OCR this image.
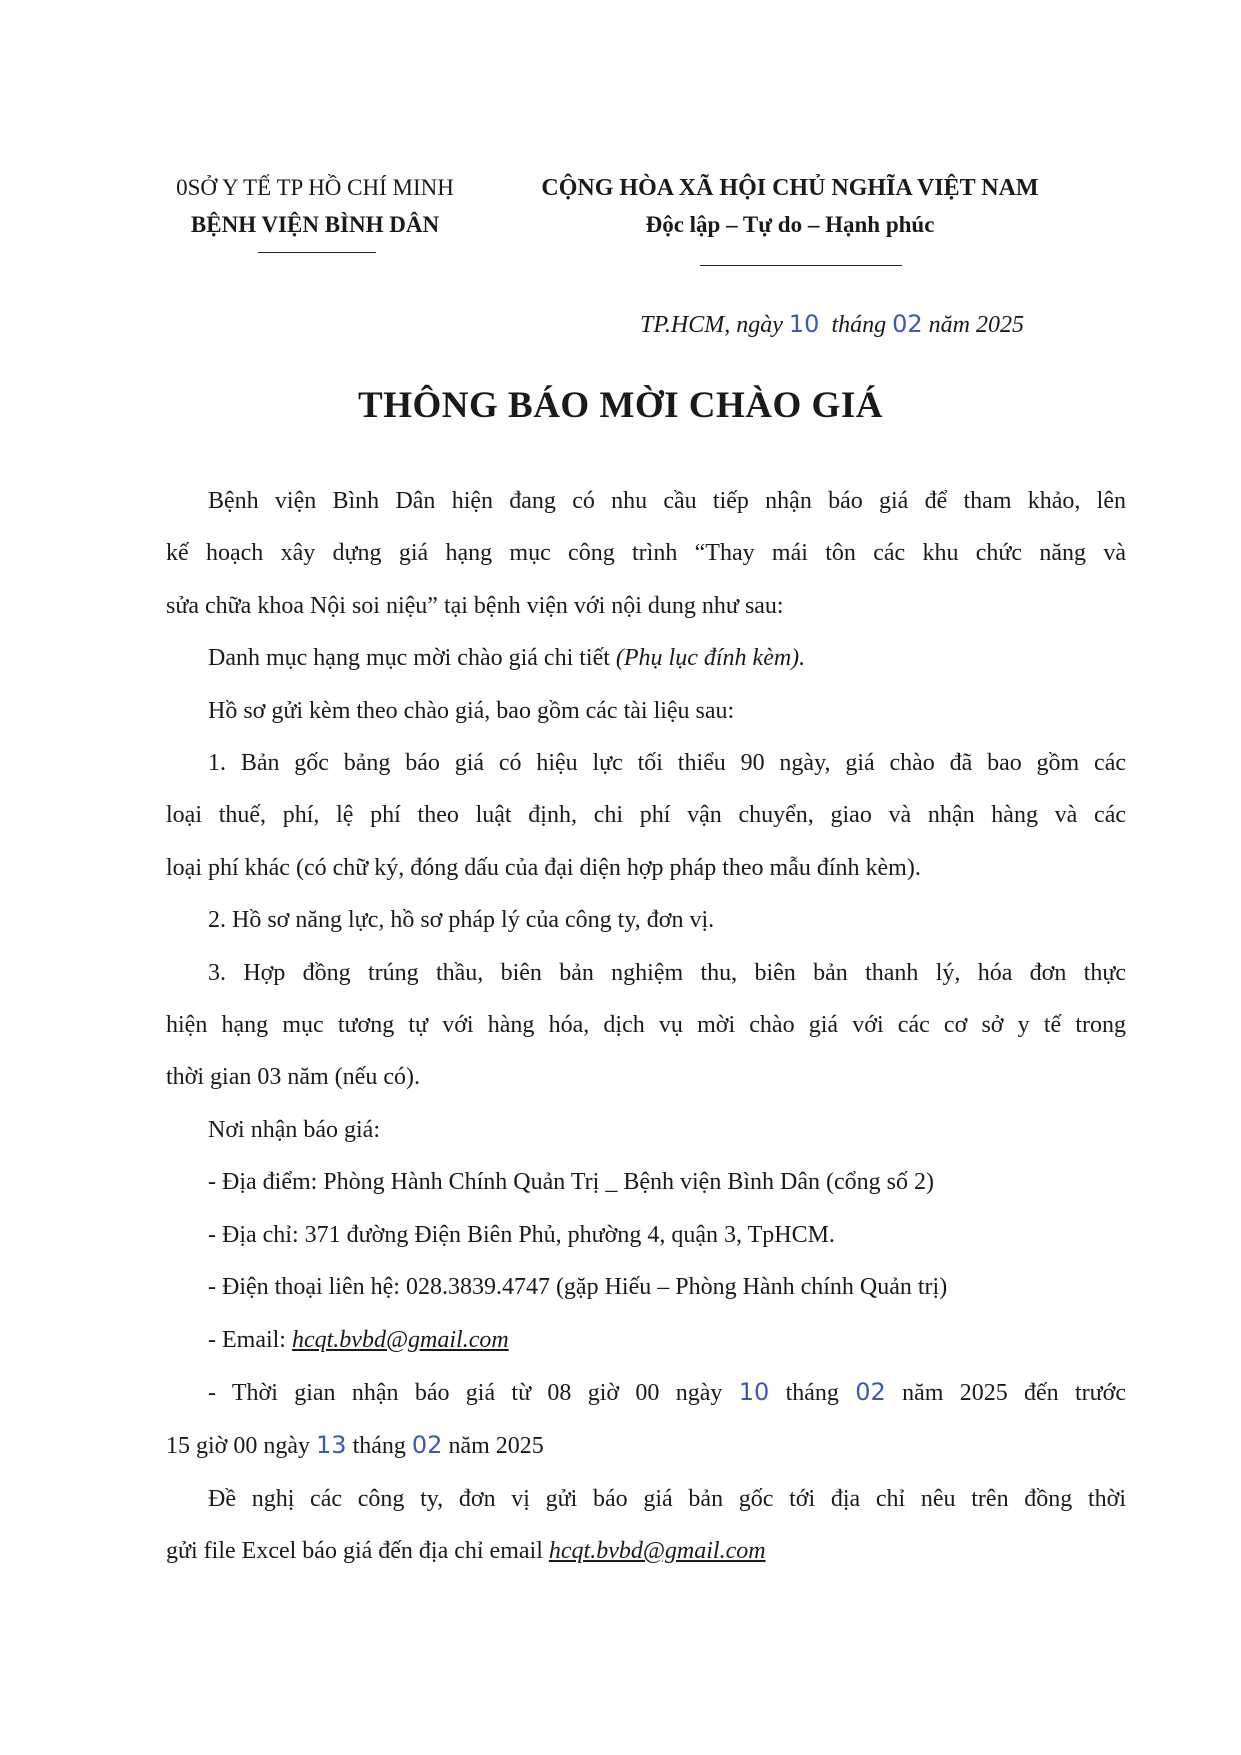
0SỞ Y TẾ TP HỒ CHÍ MINH
BỆNH VIỆN BÌNH DÂN
CỘNG HÒA XÃ HỘI CHỦ NGHĨA VIỆT NAM
Độc lập – Tự do – Hạnh phúc
TP.HCM, ngày 10 tháng 02 năm 2025
THÔNG BÁO MỜI CHÀO GIÁ

Bệnh viện Bình Dân hiện đang có nhu cầu tiếp nhận báo giá để tham khảo, lên

kế hoạch xây dựng giá hạng mục công trình “Thay mái tôn các khu chức năng và

sửa chữa khoa Nội soi niệu” tại bệnh viện với nội dung như sau:

Danh mục hạng mục mời chào giá chi tiết (Phụ lục đính kèm).

Hồ sơ gửi kèm theo chào giá, bao gồm các tài liệu sau:

1. Bản gốc bảng báo giá có hiệu lực tối thiểu 90 ngày, giá chào đã bao gồm các

loại thuế, phí, lệ phí theo luật định, chi phí vận chuyển, giao và nhận hàng và các

loại phí khác (có chữ ký, đóng dấu của đại diện hợp pháp theo mẫu đính kèm).

2. Hồ sơ năng lực, hồ sơ pháp lý của công ty, đơn vị.

3. Hợp đồng trúng thầu, biên bản nghiệm thu, biên bản thanh lý, hóa đơn thực

hiện hạng mục tương tự với hàng hóa, dịch vụ mời chào giá với các cơ sở y tế trong

thời gian 03 năm (nếu có).

Nơi nhận báo giá:

- Địa điểm: Phòng Hành Chính Quản Trị _ Bệnh viện Bình Dân (cổng số 2)

- Địa chỉ: 371 đường Điện Biên Phủ, phường 4, quận 3, TpHCM.

- Điện thoại liên hệ: 028.3839.4747 (gặp Hiếu – Phòng Hành chính Quản trị)

- Email: hcqt.bvbd@gmail.com

- Thời gian nhận báo giá từ 08 giờ 00 ngày 10 tháng 02 năm 2025 đến trước

15 giờ 00 ngày 13 tháng 02 năm 2025

Đề nghị các công ty, đơn vị gửi báo giá bản gốc tới địa chỉ nêu trên đồng thời

gửi file Excel báo giá đến địa chỉ email hcqt.bvbd@gmail.com
